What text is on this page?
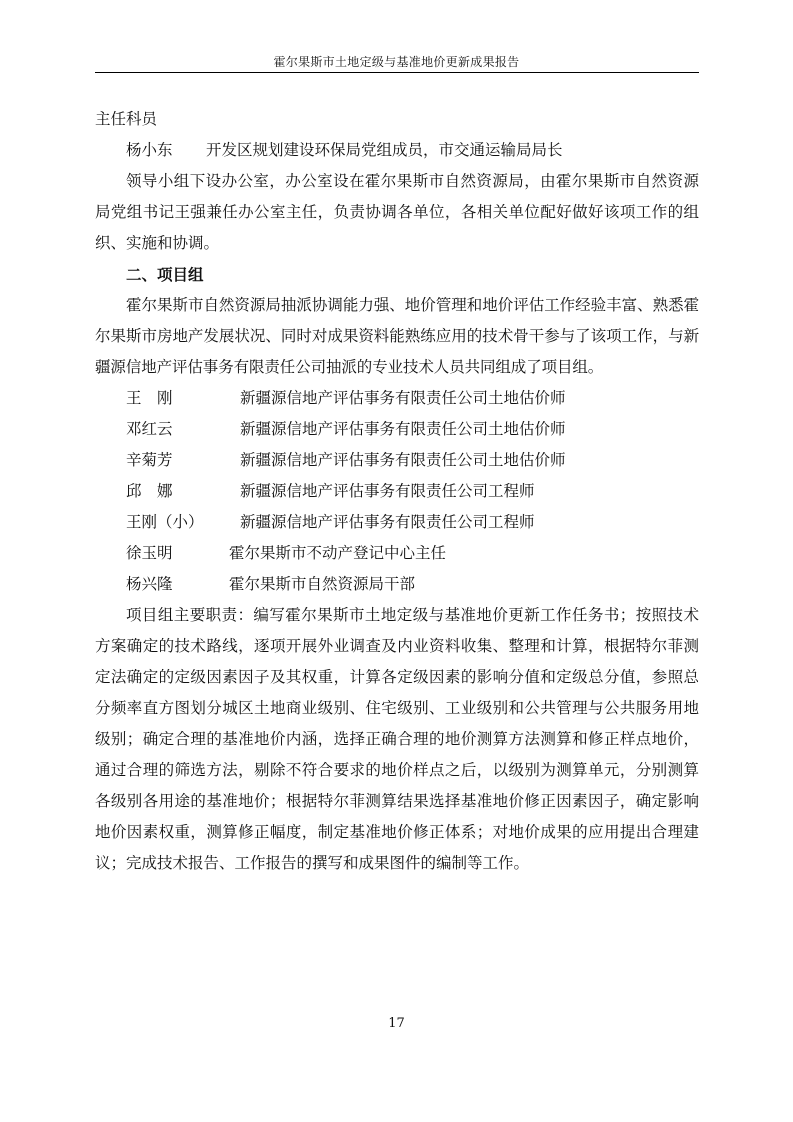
霍尔果斯市土地定级与基准地价更新成果报告

主任科员

杨小东	开发区规划建设环保局党组成员，市交通运输局局长

领导小组下设办公室，办公室设在霍尔果斯市自然资源局，由霍尔果斯市自然资源局党组书记王强兼任办公室主任，负责协调各单位，各相关单位配好做好该项工作的组织、实施和协调。

二、项目组

霍尔果斯市自然资源局抽派协调能力强、地价管理和地价评估工作经验丰富、熟悉霍尔果斯市房地产发展状况、同时对成果资料能熟练应用的技术骨干参与了该项工作，与新疆源信地产评估事务有限责任公司抽派的专业技术人员共同组成了项目组。

王　刚	新疆源信地产评估事务有限责任公司土地估价师
邓红云	新疆源信地产评估事务有限责任公司土地估价师
辛菊芳	新疆源信地产评估事务有限责任公司土地估价师
邱　娜	新疆源信地产评估事务有限责任公司工程师
王刚（小）	新疆源信地产评估事务有限责任公司工程师
徐玉明	霍尔果斯市不动产登记中心主任
杨兴隆	霍尔果斯市自然资源局干部

项目组主要职责：编写霍尔果斯市土地定级与基准地价更新工作任务书；按照技术方案确定的技术路线，逐项开展外业调查及内业资料收集、整理和计算，根据特尔菲测定法确定的定级因素因子及其权重，计算各定级因素的影响分值和定级总分值，参照总分频率直方图划分城区土地商业级别、住宅级别、工业级别和公共管理与公共服务用地级别；确定合理的基准地价内涵，选择正确合理的地价测算方法测算和修正样点地价，通过合理的筛选方法，剔除不符合要求的地价样点之后，以级别为测算单元，分别测算各级别各用途的基准地价；根据特尔菲测算结果选择基准地价修正因素因子，确定影响地价因素权重，测算修正幅度，制定基准地价修正体系；对地价成果的应用提出合理建议；完成技术报告、工作报告的撰写和成果图件的编制等工作。

17
